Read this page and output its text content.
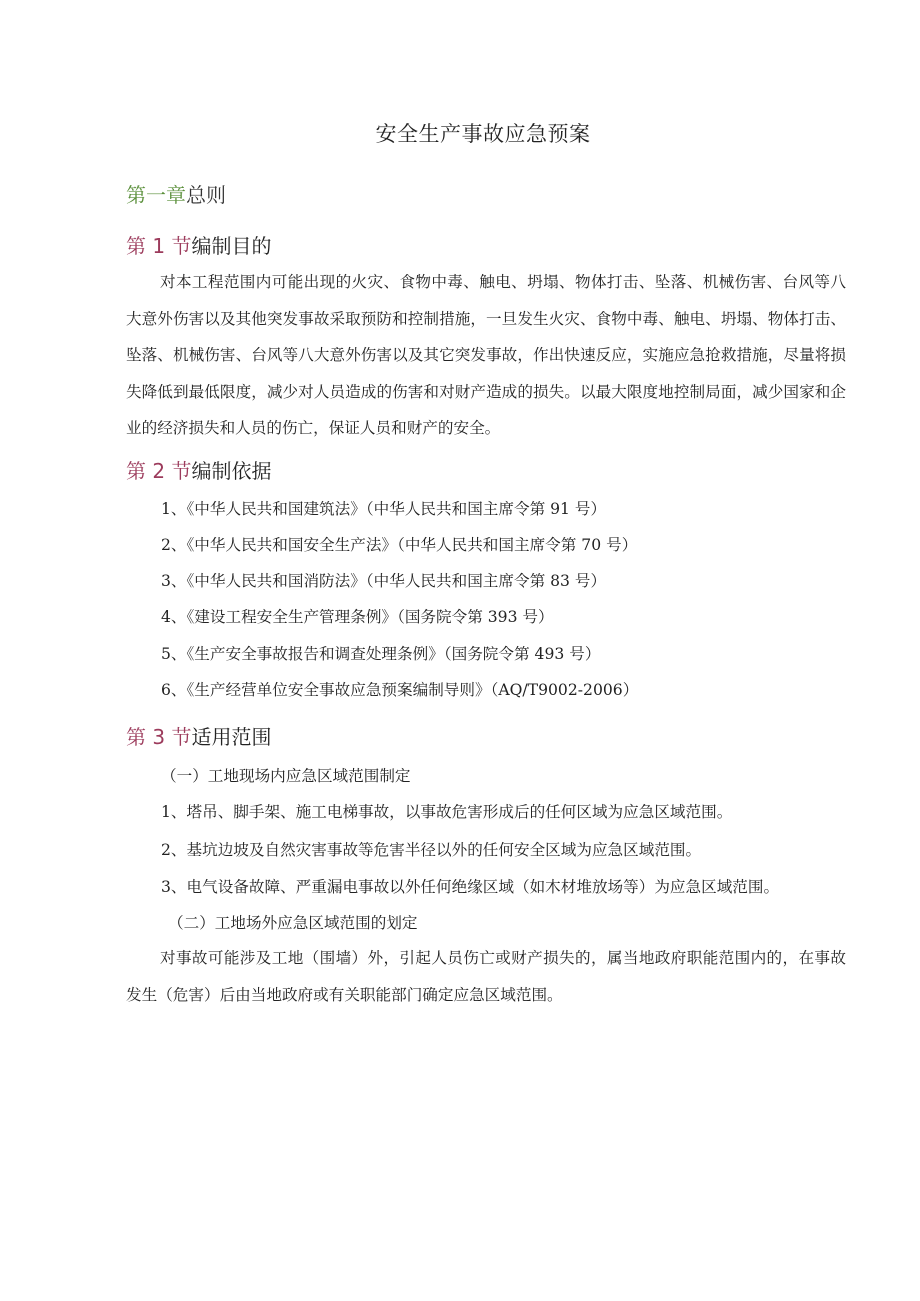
安全生产事故应急预案
第一章总则
第 1 节编制目的
对本工程范围内可能出现的火灾、食物中毒、触电、坍塌、物体打击、坠落、机械伤害、台风等八大意外伤害以及其他突发事故采取预防和控制措施，一旦发生火灾、食物中毒、触电、坍塌、物体打击、坠落、机械伤害、台风等八大意外伤害以及其它突发事故，作出快速反应，实施应急抢救措施，尽量将损失降低到最低限度，减少对人员造成的伤害和对财产造成的损失。以最大限度地控制局面，减少国家和企业的经济损失和人员的伤亡，保证人员和财产的安全。
第 2 节编制依据
1、《中华人民共和国建筑法》（中华人民共和国主席令第 91 号）
2、《中华人民共和国安全生产法》（中华人民共和国主席令第 70 号）
3、《中华人民共和国消防法》（中华人民共和国主席令第 83 号）
4、《建设工程安全生产管理条例》（国务院令第 393 号）
5、《生产安全事故报告和调查处理条例》（国务院令第 493 号）
6、《生产经营单位安全事故应急预案编制导则》（AQ/T9002-2006）
第 3 节适用范围
（一）工地现场内应急区域范围制定
1、塔吊、脚手架、施工电梯事故，以事故危害形成后的任何区域为应急区域范围。
2、基坑边坡及自然灾害事故等危害半径以外的任何安全区域为应急区域范围。
3、电气设备故障、严重漏电事故以外任何绝缘区域（如木材堆放场等）为应急区域范围。
（二）工地场外应急区域范围的划定
对事故可能涉及工地（围墙）外，引起人员伤亡或财产损失的，属当地政府职能范围内的，在事故发生（危害）后由当地政府或有关职能部门确定应急区域范围。
